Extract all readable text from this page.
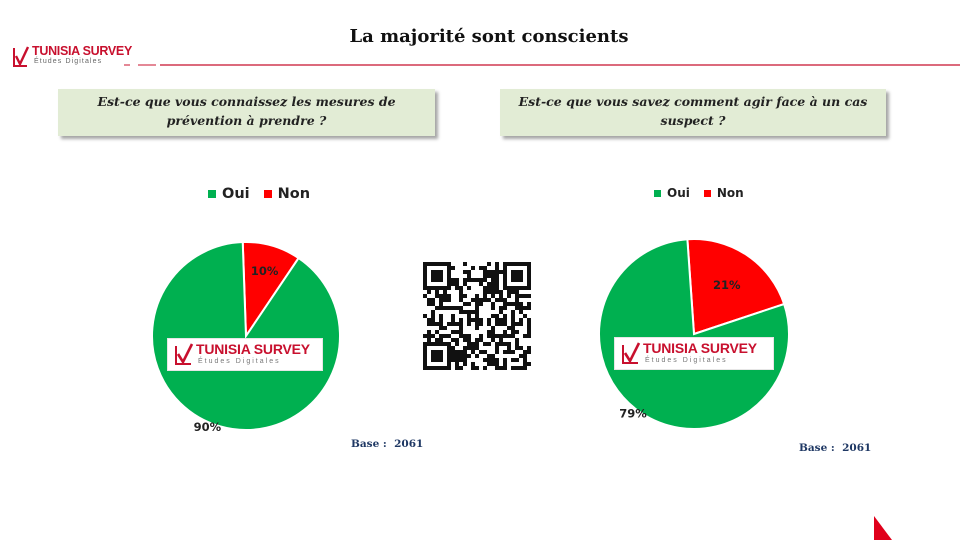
TUNISIA SURVEY
Études Digitales
La majorité sont conscients
Est-ce que vous connaissez les mesures de
prévention à prendre ?
Est-ce que vous savez comment agir face à un cas
suspect ?
Oui Non	Oui Non
90%
10%
79%
21%
TUNISIA SURVEY
Études Digitales
TUNISIA SURVEY
Études Digitales
Base :  2061	Base :  2061
